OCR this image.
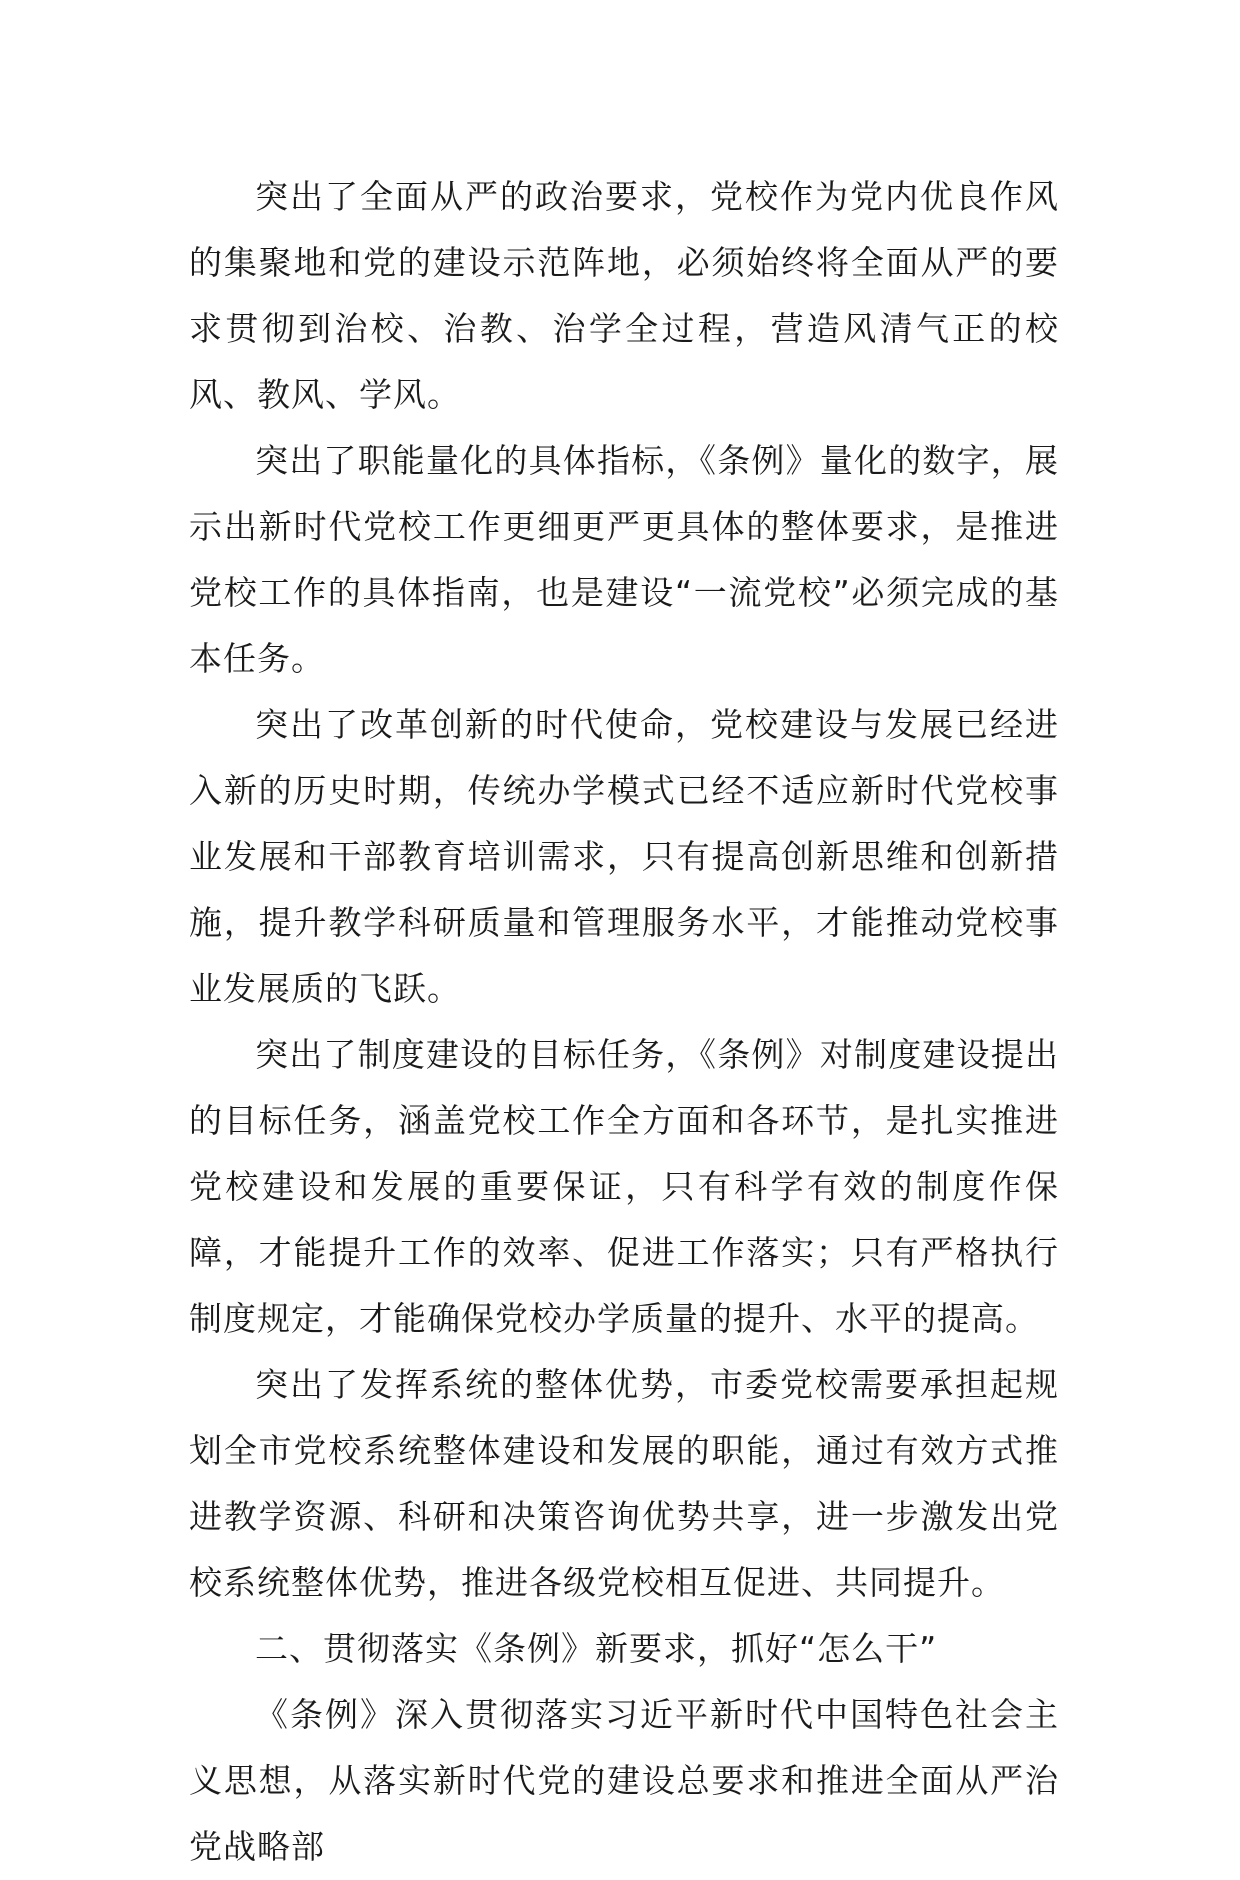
突出了全面从严的政治要求，党校作为党内优良作风的集聚地和党的建设示范阵地，必须始终将全面从严的要求贯彻到治校、治教、治学全过程，营造风清气正的校风、教风、学风。

突出了职能量化的具体指标，《条例》量化的数字，展示出新时代党校工作更细更严更具体的整体要求，是推进党校工作的具体指南，也是建设“一流党校”必须完成的基本任务。

突出了改革创新的时代使命，党校建设与发展已经进入新的历史时期，传统办学模式已经不适应新时代党校事业发展和干部教育培训需求，只有提高创新思维和创新措施，提升教学科研质量和管理服务水平，才能推动党校事业发展质的飞跃。

突出了制度建设的目标任务，《条例》对制度建设提出的目标任务，涵盖党校工作全方面和各环节，是扎实推进党校建设和发展的重要保证，只有科学有效的制度作保障，才能提升工作的效率、促进工作落实；只有严格执行制度规定，才能确保党校办学质量的提升、水平的提高。

突出了发挥系统的整体优势，市委党校需要承担起规划全市党校系统整体建设和发展的职能，通过有效方式推进教学资源、科研和决策咨询优势共享，进一步激发出党校系统整体优势，推进各级党校相互促进、共同提升。

二、贯彻落实《条例》新要求，抓好“怎么干”

《条例》深入贯彻落实习近平新时代中国特色社会主义思想，从落实新时代党的建设总要求和推进全面从严治党战略部
